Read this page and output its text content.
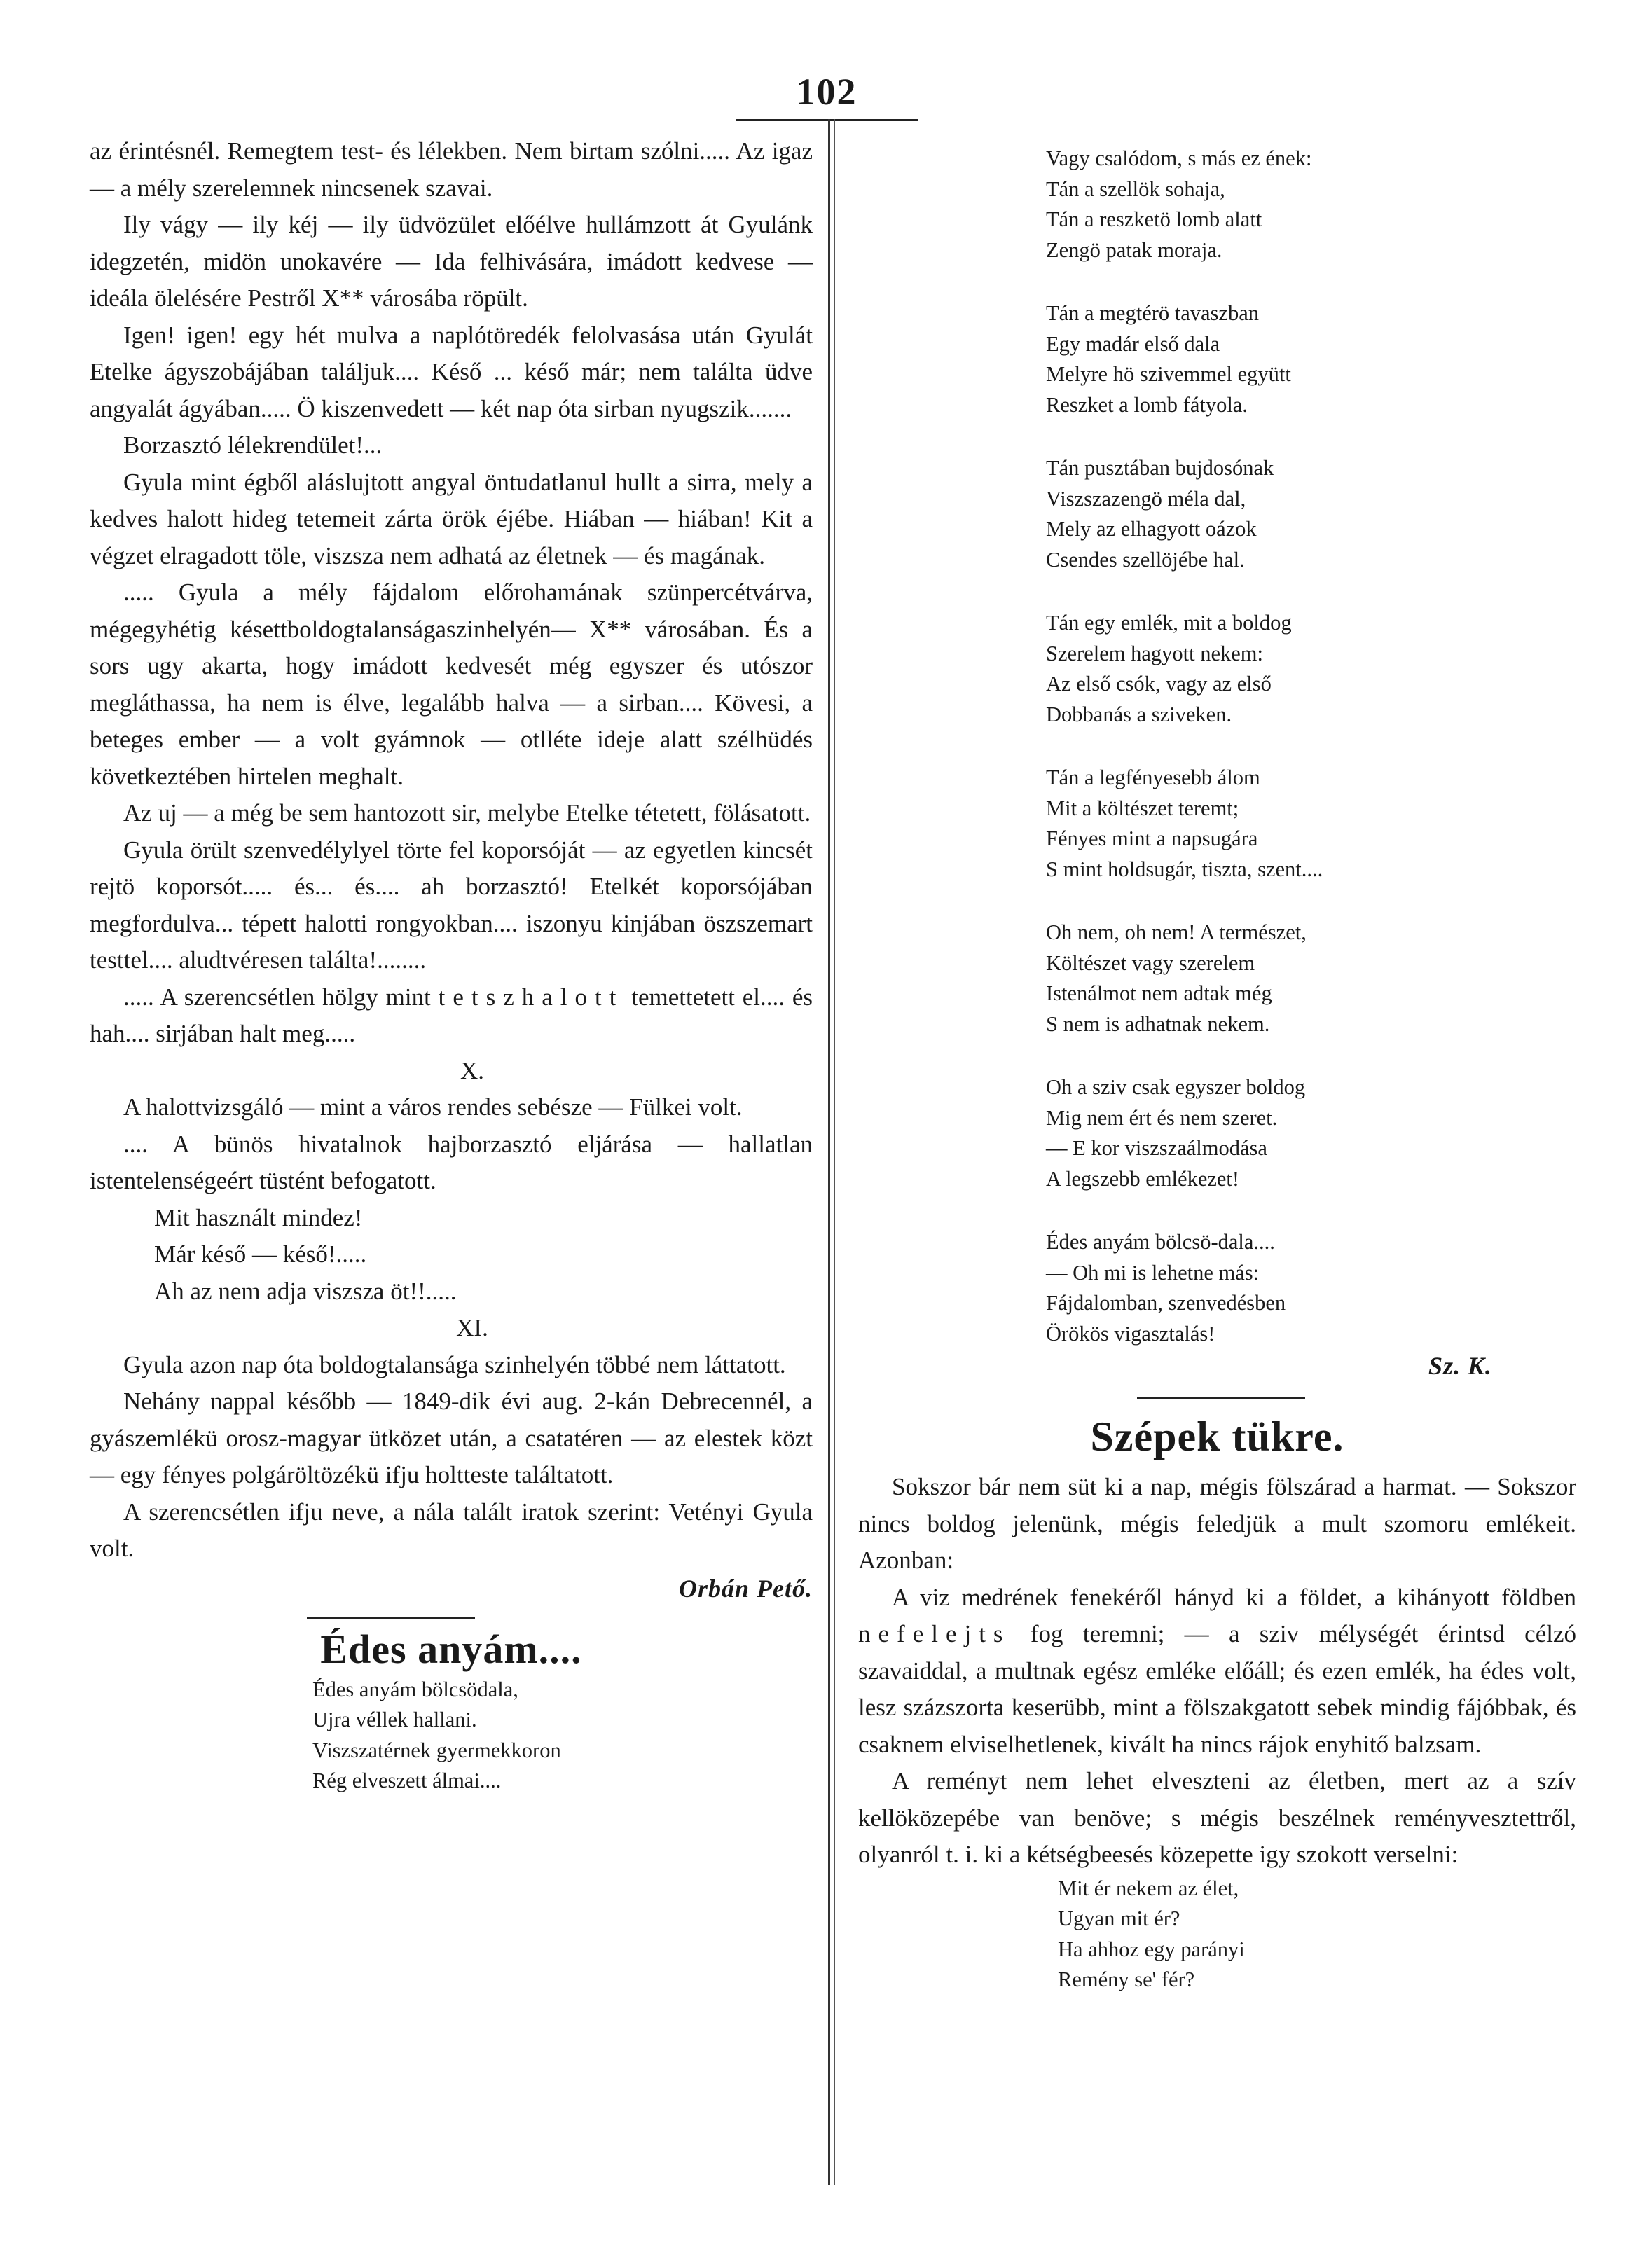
102

az érintésnél. Remegtem test- és lélekben. Nem birtam szólni..... Az igaz — a mély szerelemnek nincsenek szavai.

Ily vágy — ily kéj — ily üdvözület előélve hullámzott át Gyulánk idegzetén, midön unokavére — Ida felhivására, imádott kedvese — ideála ölelésére Pestről X** városába röpült.

Igen! igen! egy hét mulva a naplótöredék felolvasása után Gyulát Etelke ágyszobájában találjuk.... Késő ... késő már; nem találta üdve angyalát ágyában..... Ö kiszenvedett — két nap óta sirban nyugszik.......

Borzasztó lélekrendület!...

Gyula mint égből aláslujtott angyal öntudatlanul hullt a sirra, mely a kedves halott hideg tetemeit zárta örök éjébe. Hiában — hiában! Kit a végzet elragadott töle, viszsza nem adhatá az életnek — és magának.

..... Gyula a mély fájdalom előrohamának szünpercétvárva, mégegyhétig késettboldogtalanságaszinhelyén— X** városában. És a sors ugy akarta, hogy imádott kedvesét még egyszer és utószor megláthassa, ha nem is élve, legalább halva — a sirban.... Kövesi, a beteges ember — a volt gyámnok — otlléte ideje alatt szélhüdés következtében hirtelen meghalt.

Az uj — a még be sem hantozott sir, melybe Etelke tétetett, fölásatott.

Gyula örült szenvedélylyel törte fel koporsóját — az egyetlen kincsét rejtö koporsót..... és... és.... ah borzasztó! Etelkét koporsójában megfordulva... tépett halotti rongyokban.... iszonyu kinjában öszszemart testtel.... aludtvéresen találta!........

..... A szerencsétlen hölgy mint tetszhalott temettetett el.... és hah.... sirjában halt meg.....

X.

A halottvizsgáló — mint a város rendes sebésze — Fülkei volt.

.... A bünös hivatalnok hajborzasztó eljárása — hallatlan istentelenségeért tüstént befogatott.

Mit használt mindez!

Már késő — késő!.....

Ah az nem adja viszsza öt!!.....

XI.

Gyula azon nap óta boldogtalansága szinhelyén többé nem láttatott.

Nehány nappal később — 1849-dik évi aug. 2-kán Debrecennél, a gyászemlékü orosz-magyar ütközet után, a csatatéren — az elestek közt — egy fényes polgáröltözékü ifju holtteste találtatott.

A szerencsétlen ifju neve, a nála talált iratok szerint: Vetényi Gyula volt.

Orbán Pető.
Édes anyám....

Édes anyám bölcsödala,

Ujra véllek hallani.

Viszszatérnek gyermekkoron

Rég elveszett álmai....

Vagy csalódom, s más ez ének:

Tán a szellök sohaja,

Tán a reszketö lomb alatt

Zengö patak moraja.

Tán a megtérö tavaszban

Egy madár első dala

Melyre hö szivemmel együtt

Reszket a lomb fátyola.

Tán pusztában bujdosónak

Viszszazengö méla dal,

Mely az elhagyott oázok

Csendes szellöjébe hal.

Tán egy emlék, mit a boldog

Szerelem hagyott nekem:

Az első csók, vagy az első

Dobbanás a sziveken.

Tán a legfényesebb álom

Mit a költészet teremt;

Fényes mint a napsugára

S mint holdsugár, tiszta, szent....

Oh nem, oh nem! A természet,

Költészet vagy szerelem

Istenálmot nem adtak még

S nem is adhatnak nekem.

Oh a sziv csak egyszer boldog

Mig nem ért és nem szeret.

— E kor viszszaálmodása

A legszebb emlékezet!

Édes anyám bölcsö-dala....

— Oh mi is lehetne más:

Fájdalomban, szenvedésben

Örökös vigasztalás!

Sz. K.
Szépek tükre.

Sokszor bár nem süt ki a nap, mégis fölszárad a harmat. — Sokszor nincs boldog jelenünk, mégis feledjük a mult szomoru emlékeit. Azonban:

A viz medrének fenekéről hányd ki a földet, a kihányott földben nefelejts fog teremni; — a sziv mélységét érintsd célzó szavaiddal, a multnak egész emléke előáll; és ezen emlék, ha édes volt, lesz százszorta keserübb, mint a fölszakgatott sebek mindig fájóbbak, és csaknem elviselhetlenek, kivált ha nincs rájok enyhitő balzsam.

A reményt nem lehet elveszteni az életben, mert az a szív kellöközepébe van benöve; s mégis beszélnek reményvesztettről, olyanról t. i. ki a kétségbeesés közepette igy szokott verselni:

Mit ér nekem az élet,

Ugyan mit ér?

Ha ahhoz egy parányi

Remény se' fér?
